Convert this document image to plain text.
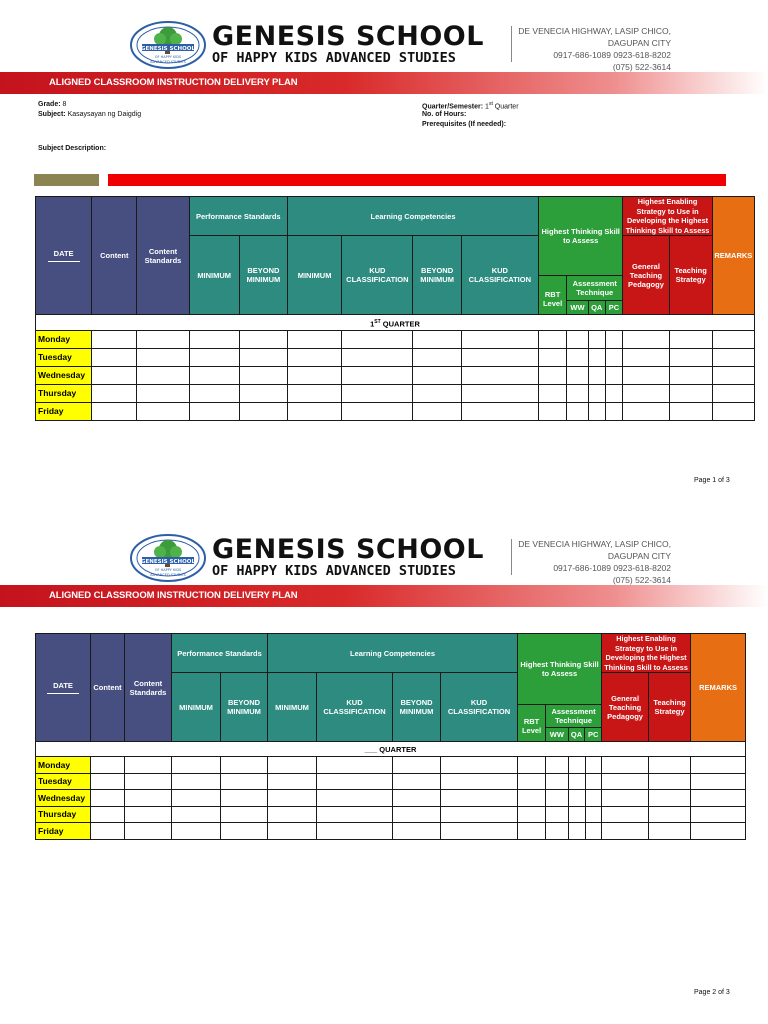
GENESIS SCHOOL
OF HAPPY KIDS
ADVANCED STUDIES
GENESIS SCHOOL
OF HAPPY KIDS ADVANCED STUDIES
DE VENECIA HIGHWAY, LASIP CHICO,
DAGUPAN CITY
0917-686-1089 0923-618-8202
(075) 522-3614
ALIGNED CLASSROOM INSTRUCTION DELIVERY PLAN
Grade: 8
Subject: Kasaysayan ng Daigdig
Quarter/Semester: 1st Quarter
No. of Hours:
Prerequisites (If needed):
Subject Description:
DATE	Content	Content Standards	Performance Standards		Learning Competencies				Highest Thinking Skill to Assess				Highest Enabling Strategy to Use in Developing the Highest Thinking Skill to Assess		REMARKS
			MINIMUM	BEYOND MINIMUM	MINIMUM	KUD CLASSIFICATION	BEYOND MINIMUM	KUD CLASSIFICATION					General Teaching Pedagogy	Teaching Strategy	
									RBT Level	Assessment Technique
WW QA PC					

1ST QUARTER															
Monday															
Tuesday															
Wednesday															
Thursday															
Friday															
Page 1 of 3
GENESIS SCHOOL
OF HAPPY KIDS
ADVANCED STUDIES
GENESIS SCHOOL
OF HAPPY KIDS ADVANCED STUDIES
DE VENECIA HIGHWAY, LASIP CHICO,
DAGUPAN CITY
0917-686-1089 0923-618-8202
(075) 522-3614
ALIGNED CLASSROOM INSTRUCTION DELIVERY PLAN
DATE	Content	Content Standards	Performance Standards		Learning Competencies				Highest Thinking Skill to Assess				Highest Enabling Strategy to Use in Developing the Highest Thinking Skill to Assess		REMARKS
			MINIMUM	BEYOND MINIMUM	MINIMUM	KUD CLASSIFICATION	BEYOND MINIMUM	KUD CLASSIFICATION					General Teaching Pedagogy	Teaching Strategy	
									RBT Level	Assessment Technique
WW QA PC					

___ QUARTER															
Monday															
Tuesday															
Wednesday															
Thursday															
Friday															
Page 2 of 3
